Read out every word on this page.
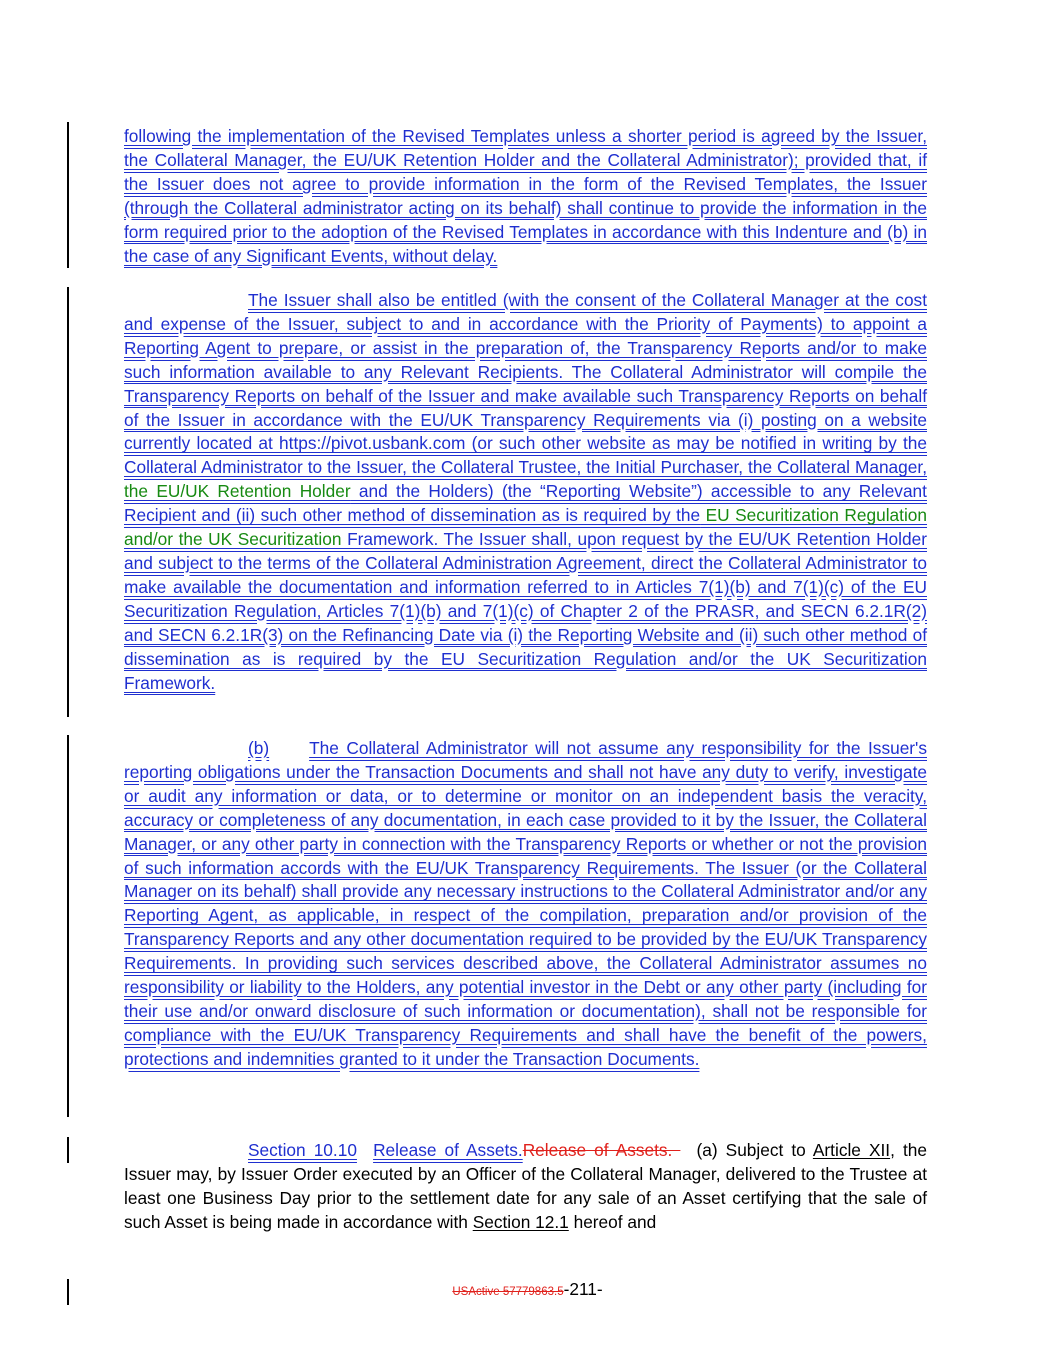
following the implementation of the Revised Templates unless a shorter period is agreed by the Issuer, the Collateral Manager, the EU/UK Retention Holder and the Collateral Administrator); provided that, if the Issuer does not agree to provide information in the form of the Revised Templates, the Issuer (through the Collateral administrator acting on its behalf) shall continue to provide the information in the form required prior to the adoption of the Revised Templates in accordance with this Indenture and (b) in the case of any Significant Events, without delay.
The Issuer shall also be entitled (with the consent of the Collateral Manager at the cost and expense of the Issuer, subject to and in accordance with the Priority of Payments) to appoint a Reporting Agent to prepare, or assist in the preparation of, the Transparency Reports and/or to make such information available to any Relevant Recipients. The Collateral Administrator will compile the Transparency Reports on behalf of the Issuer and make available such Transparency Reports on behalf of the Issuer in accordance with the EU/UK Transparency Requirements via (i) posting on a website currently located at https://pivot.usbank.com (or such other website as may be notified in writing by the Collateral Administrator to the Issuer, the Collateral Trustee, the Initial Purchaser, the Collateral Manager, the EU/UK Retention Holder and the Holders) (the “Reporting Website”) accessible to any Relevant Recipient and (ii) such other method of dissemination as is required by the EU Securitization Regulation and/or the UK Securitization Framework. The Issuer shall, upon request by the EU/UK Retention Holder and subject to the terms of the Collateral Administration Agreement, direct the Collateral Administrator to make available the documentation and information referred to in Articles 7(1)(b) and 7(1)(c) of the EU Securitization Regulation, Articles 7(1)(b) and 7(1)(c) of Chapter 2 of the PRASR, and SECN 6.2.1R(2) and SECN 6.2.1R(3) on the Refinancing Date via (i) the Reporting Website and (ii) such other method of dissemination as is required by the EU Securitization Regulation and/or the UK Securitization Framework.
(b) The Collateral Administrator will not assume any responsibility for the Issuer's reporting obligations under the Transaction Documents and shall not have any duty to verify, investigate or audit any information or data, or to determine or monitor on an independent basis the veracity, accuracy or completeness of any documentation, in each case provided to it by the Issuer, the Collateral Manager, or any other party in connection with the Transparency Reports or whether or not the provision of such information accords with the EU/UK Transparency Requirements. The Issuer (or the Collateral Manager on its behalf) shall provide any necessary instructions to the Collateral Administrator and/or any Reporting Agent, as applicable, in respect of the compilation, preparation and/or provision of the Transparency Reports and any other documentation required to be provided by the EU/UK Transparency Requirements. In providing such services described above, the Collateral Administrator assumes no responsibility or liability to the Holders, any potential investor in the Debt or any other party (including for their use and/or onward disclosure of such information or documentation), shall not be responsible for compliance with the EU/UK Transparency Requirements and shall have the benefit of the powers, protections and indemnities granted to it under the Transaction Documents.
Section 10.10 Release of Assets.Release of Assets.   (a) Subject to Article XII, the Issuer may, by Issuer Order executed by an Officer of the Collateral Manager, delivered to the Trustee at least one Business Day prior to the settlement date for any sale of an Asset certifying that the sale of such Asset is being made in accordance with Section 12.1 hereof and
USActive 57779863.5-211-
